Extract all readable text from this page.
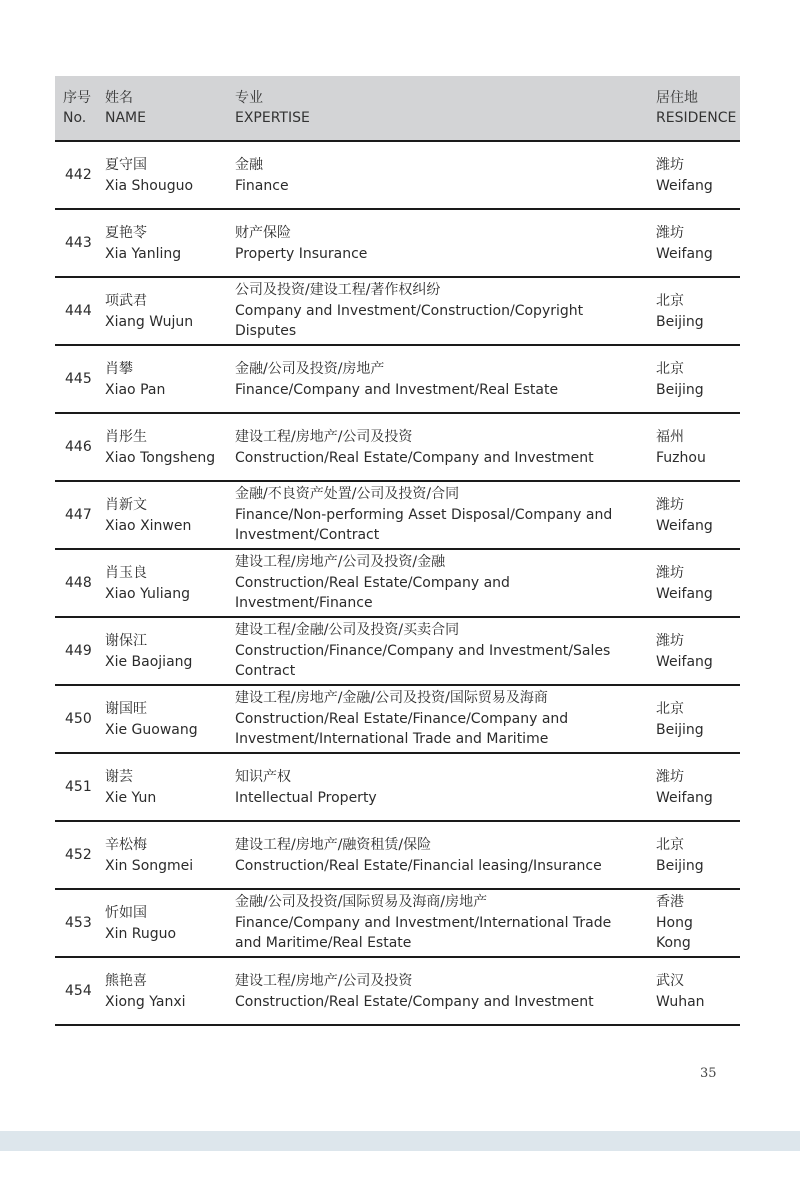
序号
No.
姓名
NAME
专业
EXPERTISE
居住地
RESIDENCE
442
夏守国
Xia Shouguo
金融
Finance
潍坊
Weifang
443
夏艳苓
Xia Yanling
财产保险
Property Insurance
潍坊
Weifang
444
项武君
Xiang Wujun
公司及投资/建设工程/著作权纠纷
Company and Investment/Construction/Copyright
Disputes
北京
Beijing
445
肖攀
Xiao Pan
金融/公司及投资/房地产
Finance/Company and Investment/Real Estate
北京
Beijing
446
肖彤生
Xiao Tongsheng
建设工程/房地产/公司及投资
Construction/Real Estate/Company and Investment
福州
Fuzhou
447
肖新文
Xiao Xinwen
金融/不良资产处置/公司及投资/合同
Finance/Non-performing Asset Disposal/Company and
Investment/Contract
潍坊
Weifang
448
肖玉良
Xiao Yuliang
建设工程/房地产/公司及投资/金融
Construction/Real Estate/Company and
Investment/Finance
潍坊
Weifang
449
谢保江
Xie Baojiang
建设工程/金融/公司及投资/买卖合同
Construction/Finance/Company and Investment/Sales
Contract
潍坊
Weifang
450
谢国旺
Xie Guowang
建设工程/房地产/金融/公司及投资/国际贸易及海商
Construction/Real Estate/Finance/Company and
Investment/International Trade and Maritime
北京
Beijing
451
谢芸
Xie Yun
知识产权
Intellectual Property
潍坊
Weifang
452
辛松梅
Xin Songmei
建设工程/房地产/融资租赁/保险
Construction/Real Estate/Financial leasing/Insurance
北京
Beijing
453
忻如国
Xin Ruguo
金融/公司及投资/国际贸易及海商/房地产
Finance/Company and Investment/International Trade
and Maritime/Real Estate
香港
Hong
Kong
454
熊艳喜
Xiong Yanxi
建设工程/房地产/公司及投资
Construction/Real Estate/Company and Investment
武汉
Wuhan
35
